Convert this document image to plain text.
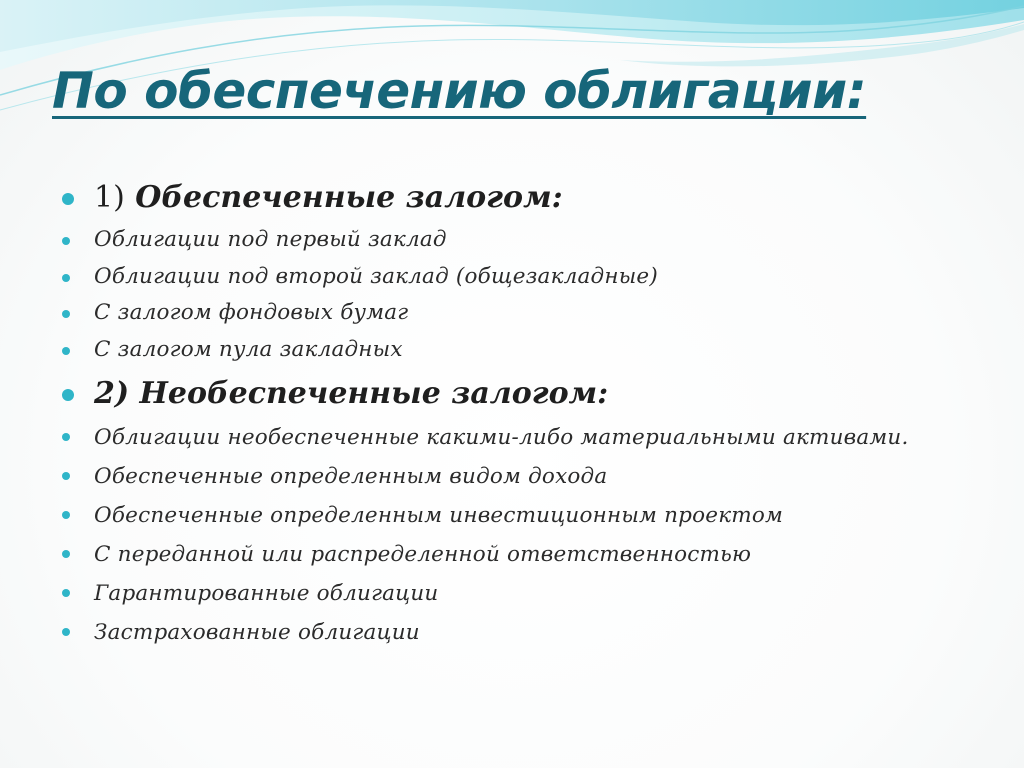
По обеспечению облигации:
1) Обеспеченные залогом:
Облигации под первый заклад
Облигации под второй заклад (общезакладные)
С залогом фондовых бумаг
С залогом пула закладных
2) Необеспеченные залогом:
Облигации необеспеченные какими-либо материальными активами.
Обеспеченные определенным видом дохода
Обеспеченные определенным инвестиционным проектом
С переданной или распределенной ответственностью
Гарантированные облигации
Застрахованные облигации
